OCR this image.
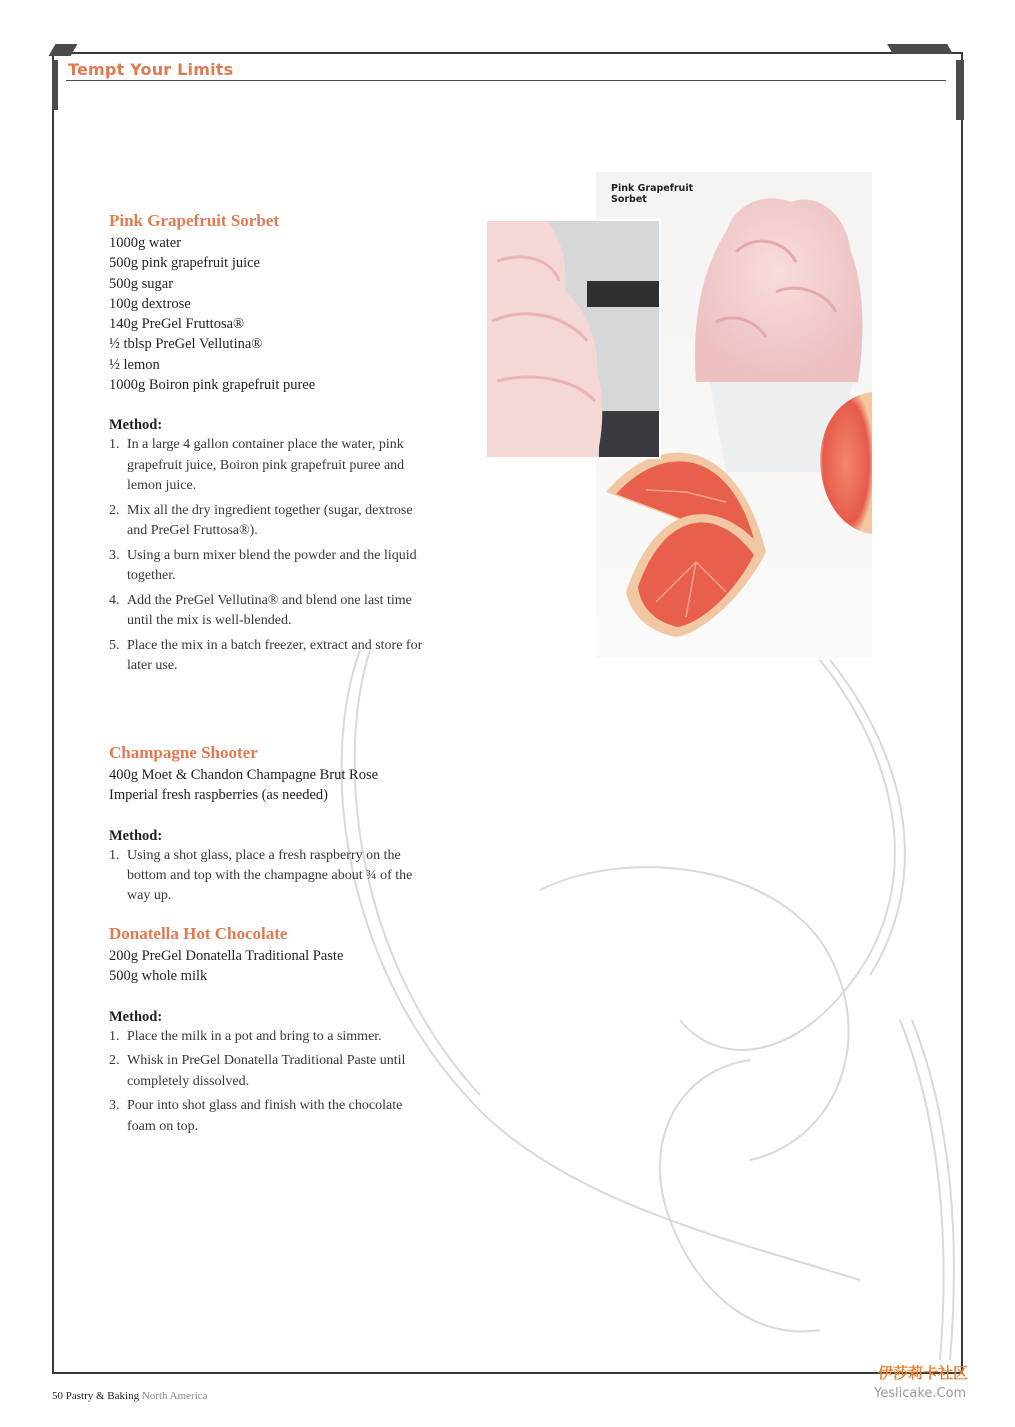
Tempt Your Limits
Pink Grapefruit Sorbet

1000g water

500g pink grapefruit juice

500g sugar

100g dextrose

140g PreGel Fruttosa®

½ tblsp PreGel Vellutina®

½ lemon

1000g Boiron pink grapefruit puree

Method:

1. In a large 4 gallon container place the water, pink grapefruit juice, Boiron pink grapefruit puree and lemon juice.
2. Mix all the dry ingredient together (sugar, dextrose and PreGel Fruttosa®).
3. Using a burn mixer blend the powder and the liquid together.
4. Add the PreGel Vellutina® and blend one last time until the mix is well-blended.
5. Place the mix in a batch freezer, extract and store for later use.
Champagne Shooter

400g Moet & Chandon Champagne Brut Rose

Imperial fresh raspberries (as needed)

Method:

1. Using a shot glass, place a fresh raspberry on the bottom and top with the champagne about ¾ of the way up.
Donatella Hot Chocolate

200g PreGel Donatella Traditional Paste

500g whole milk

Method:

1. Place the milk in a pot and bring to a simmer.
2. Whisk in PreGel Donatella Traditional Paste until completely dissolved.
3. Pour into shot glass and finish with the chocolate foam on top.
Pink Grapefruit
Sorbet
50 Pastry & Baking North America
伊莎莉卡社区
Yeslicake.Com
